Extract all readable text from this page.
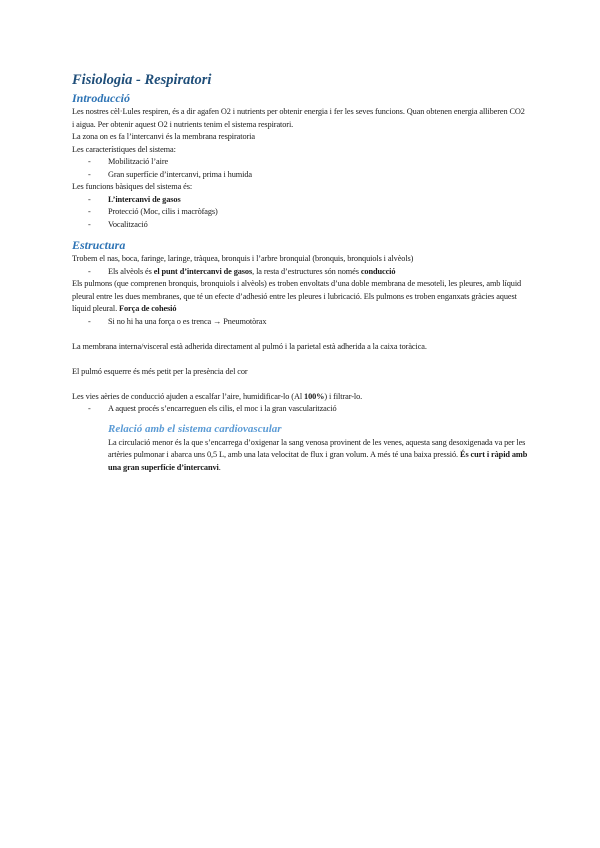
Fisiologia - Respiratori
Introducció

Les nostres cèl·Lules respiren, és a dir agafen O2 i nutrients per obtenir energia i fer les seves funcions. Quan obtenen energia alliberen CO2 i aigua. Per obtenir aquest O2 i nutrients tenim el sistema respiratori.

La zona on es fa l’intercanvi és la membrana respiratoria

Les característiques del sistema:

- Mobilització l’aire
- Gran superfície d’intercanvi, prima i humida

Les funcions bàsiques del sistema és:

- L’intercanvi de gasos
- Protecció (Moc, cilis i macròfags)
- Vocalització
Estructura

Trobem el nas, boca, faringe, laringe, tràquea, bronquis i l’arbre bronquial (bronquis, bronquiols i alvèols)

- Els alvèols és el punt d’intercanvi de gasos, la resta d’estructures són només conducció

Els pulmons (que comprenen bronquis, bronquiols i alvèols) es troben envoltats d’una doble membrana de mesoteli, les pleures, amb líquid pleural entre les dues membranes, que té un efecte d’adhesió entre les pleures i lubricació. Els pulmons es troben enganxats gràcies aquest líquid pleural. Força de cohesió

- Si no hi ha una força o es trenca → Pneumotòrax

La membrana interna/visceral està adherida directament al pulmó i la parietal està adherida a la caixa toràcica.

El pulmó esquerre és més petit per la presència del cor

Les vies aèries de conducció ajuden a escalfar l’aire, humidificar-lo (Al 100%) i filtrar-lo.

- A aquest procés s’encarreguen els cilis, el moc i la gran vascularització
Relació amb el sistema cardiovascular

La circulació menor és la que s’encarrega d’oxigenar la sang venosa provinent de les venes, aquesta sang desoxigenada va per les artèries pulmonar i abarca uns 0,5 L, amb una lata velocitat de flux i gran volum. A més té una baixa pressió. És curt i ràpid amb una gran superfície d’intercanvi.
